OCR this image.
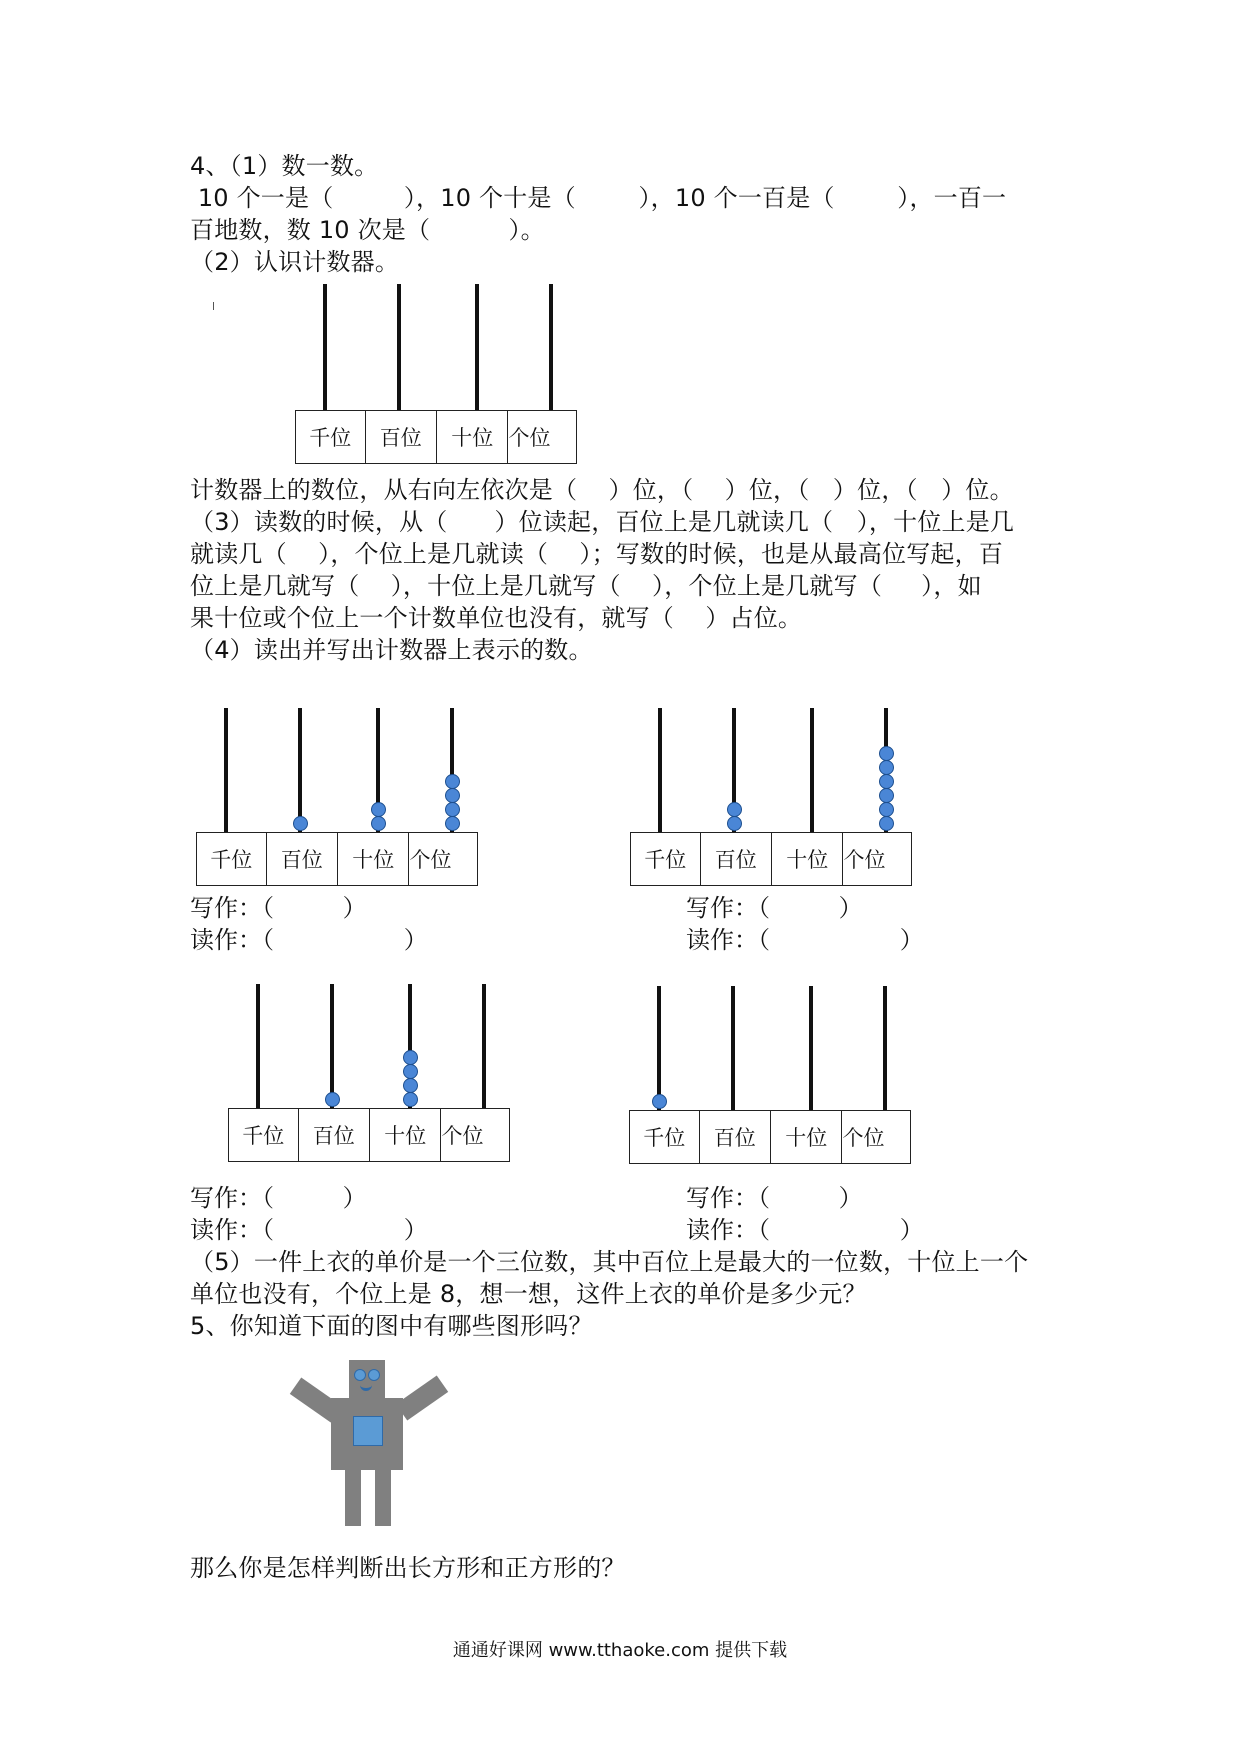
4、（1）数一数。
10 个一是（         ），10 个十是（        ），10 个一百是（        ），一百一
百地数，数 10 次是（          ）。
（2）认识计数器。
千位	百位	十位 个位
计数器上的数位，从右向左依次是（    ）位，（    ）位，（   ）位，（   ）位。
（3）读数的时候，从（      ）位读起，百位上是几就读几（   ），十位上是几
就读几（    ），个位上是几就读（    ）；写数的时候，也是从最高位写起，百
位上是几就写（    ），十位上是几就写（    ），个位上是几就写（     ），如
果十位或个位上一个计数单位也没有，就写（    ）占位。
（4）读出并写出计数器上表示的数。
千位	百位	十位 个位	千位	百位	十位 个位
写作：（         ）
读作：（                 ）
写作：（         ）
读作：（                 ）
千位	百位	十位 个位	千位	百位	十位 个位
写作：（         ）
读作：（                 ）
写作：（         ）
读作：（                 ）
（5）一件上衣的单价是一个三位数，其中百位上是最大的一位数，十位上一个
单位也没有，个位上是 8，想一想，这件上衣的单价是多少元？
5、你知道下面的图中有哪些图形吗？
那么你是怎样判断出长方形和正方形的？
通通好课网 www.tthaoke.com 提供下载
